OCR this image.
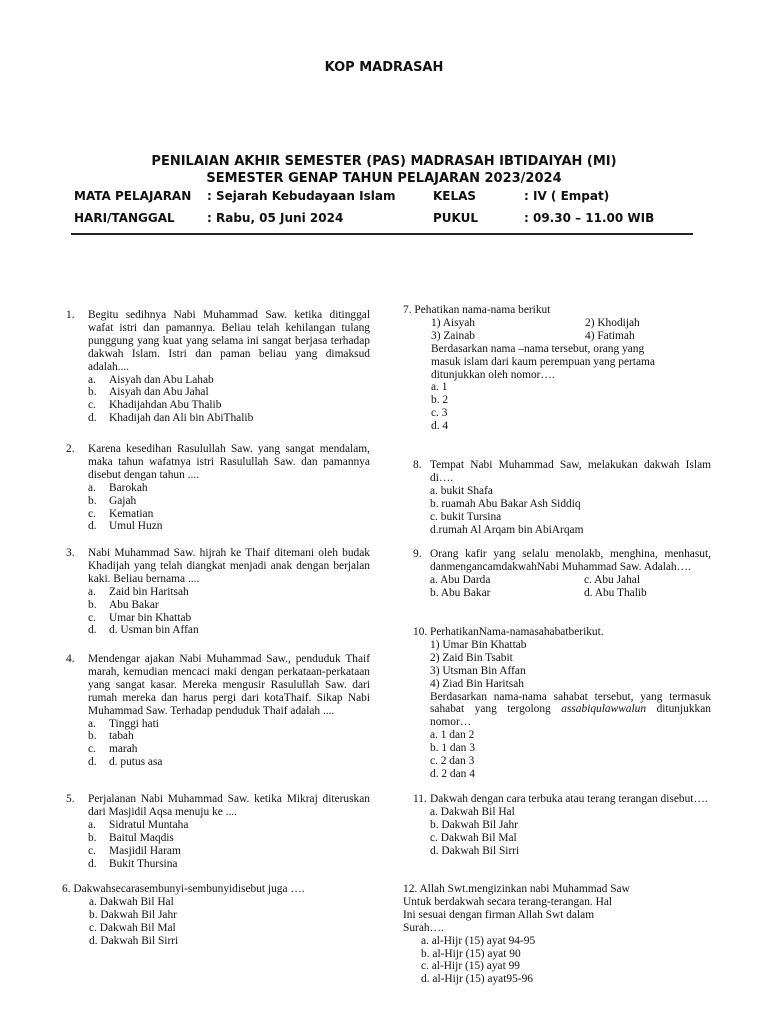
KOP MADRASAH
PENILAIAN AKHIR SEMESTER (PAS) MADRASAH IBTIDAIYAH (MI)
SEMESTER GENAP TAHUN PELAJARAN 2023/2024
MATA PELAJARAN : Sejarah Kebudayaan Islam	KELAS	: IV ( Empat)
HARI/TANGGAL	: Rabu, 05 Juni 2024	PUKUL	: 09.30 – 11.00 WIB
1.	Begitu sedihnya Nabi Muhammad Saw. ketika ditinggal wafat istri dan pamannya. Beliau telah kehilangan tulang punggung yang kuat yang selama ini sangat berjasa terhadap dakwah Islam. Istri dan paman beliau yang dimaksud adalah....
a.	Aisyah dan Abu Lahab
b.	Aisyah dan Abu Jahal
c.	Khadijahdan Abu Thalib
d.	Khadijah dan Ali bin AbiThalib
2.	Karena kesedihan Rasulullah Saw. yang sangat mendalam, maka tahun wafatnya istri Rasulullah Saw. dan pamannya disebut dengan tahun ....
a.	Barokah
b.	Gajah
c.	Kematian
d.	Umul Huzn
3.	Nabi Muhammad Saw. hijrah ke Thaif ditemani oleh budak Khadijah yang telah diangkat menjadi anak dengan berjalan kaki. Beliau bernama ....
a.	Zaid bin Haritsah
b.	Abu Bakar
c.	Umar bin Khattab
d.	d. Usman bin Affan
4.	Mendengar ajakan Nabi Muhammad Saw., penduduk Thaif marah, kemudian mencaci maki dengan perkataan-perkataan yang sangat kasar. Mereka mengusir Rasulullah Saw. dari rumah mereka dan harus pergi dari kotaThaif. Sikap Nabi Muhammad Saw. Terhadap penduduk Thaif adalah ....
a.	Tinggi hati
b.	tabah
c.	marah
d.	d. putus asa
5.	Perjalanan Nabi Muhammad Saw. ketika Mikraj diteruskan dari Masjidil Aqsa menuju ke ....
a.	Sidratul Muntaha
b.	Baitul Maqdis
c.	Masjidil Haram
d.	Bukit Thursina
6. Dakwahsecarasembunyi-sembunyidisebut juga ….
a. Dakwah Bil Hal
b. Dakwah Bil Jahr
c. Dakwah Bil Mal
d. Dakwah Bil Sirri
7. Pehatikan nama-nama berikut
1) Aisyah	2) Khodijah
3) Zainab	4) Fatimah
Berdasarkan nama –nama tersebut, orang yang masuk islam dari kaum perempuan yang pertama ditunjukkan oleh nomor….
a. 1
b. 2
c. 3
d. 4
8. Tempat Nabi Muhammad Saw, melakukan dakwah Islam di….
a. bukit Shafa
b. ruamah Abu Bakar Ash Siddiq
c. bukit Tursina
d.rumah Al Arqam bin AbiArqam
9. Orang kafir yang selalu menolakb, menghina, menhasut, danmengancamdakwahNabi Muhammad Saw. Adalah….
a. Abu Darda	c. Abu Jahal
b. Abu Bakar	d. Abu Thalib
10. PerhatikanNama-namasahabatberikut.
1) Umar Bin Khattab
2) Zaid Bin Tsabit
3) Utsman Bin Affan
4) Ziad Bin Haritsah
Berdasarkan nama-nama sahabat tersebut, yang termasuk sahabat yang tergolong assabiqulawwalun ditunjukkan nomor…
a. 1 dan 2
b. 1 dan 3
c. 2 dan 3
d. 2 dan 4
11. Dakwah dengan cara terbuka atau terang terangan disebut….
a. Dakwah Bil Hal
b. Dakwah Bil Jahr
c. Dakwah Bil Mal
d. Dakwah Bil Sirri
12. Allah Swt.mengizinkan nabi Muhammad Saw
Untuk berdakwah secara terang-terangan. Hal
Ini sesuai dengan firman Allah Swt dalam
Surah….
a. al-Hijr (15) ayat 94-95
b. al-Hijr (15) ayat 90
c. al-Hijr (15) ayat 99
d. al-Hijr (15) ayat95-96
